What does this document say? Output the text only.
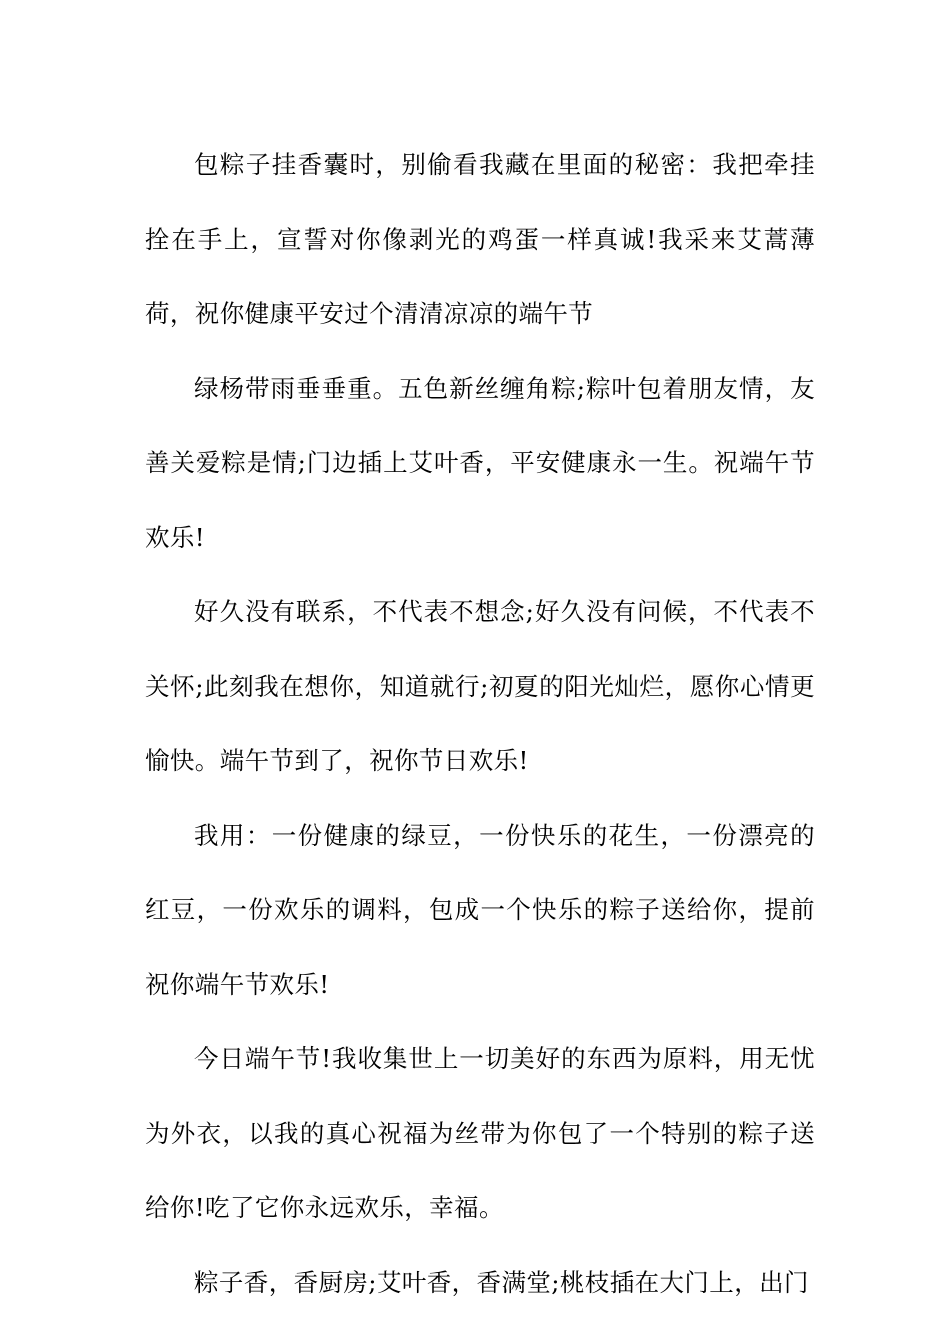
包粽子挂香囊时，别偷看我藏在里面的秘密：我把牵挂拴在手上，宣誓对你像剥光的鸡蛋一样真诚!我采来艾蒿薄荷，祝你健康平安过个清清凉凉的端午节

绿杨带雨垂垂重。五色新丝缠角粽;粽叶包着朋友情，友善关爱粽是情;门边插上艾叶香，平安健康永一生。祝端午节欢乐!

好久没有联系，不代表不想念;好久没有问候，不代表不关怀;此刻我在想你，知道就行;初夏的阳光灿烂，愿你心情更愉快。端午节到了，祝你节日欢乐!

我用：一份健康的绿豆，一份快乐的花生，一份漂亮的红豆，一份欢乐的调料，包成一个快乐的粽子送给你，提前祝你端午节欢乐!

今日端午节!我收集世上一切美好的东西为原料，用无忧为外衣，以我的真心祝福为丝带为你包了一个特别的粽子送给你!吃了它你永远欢乐，幸福。

粽子香，香厨房;艾叶香，香满堂;桃枝插在大门上，出门
